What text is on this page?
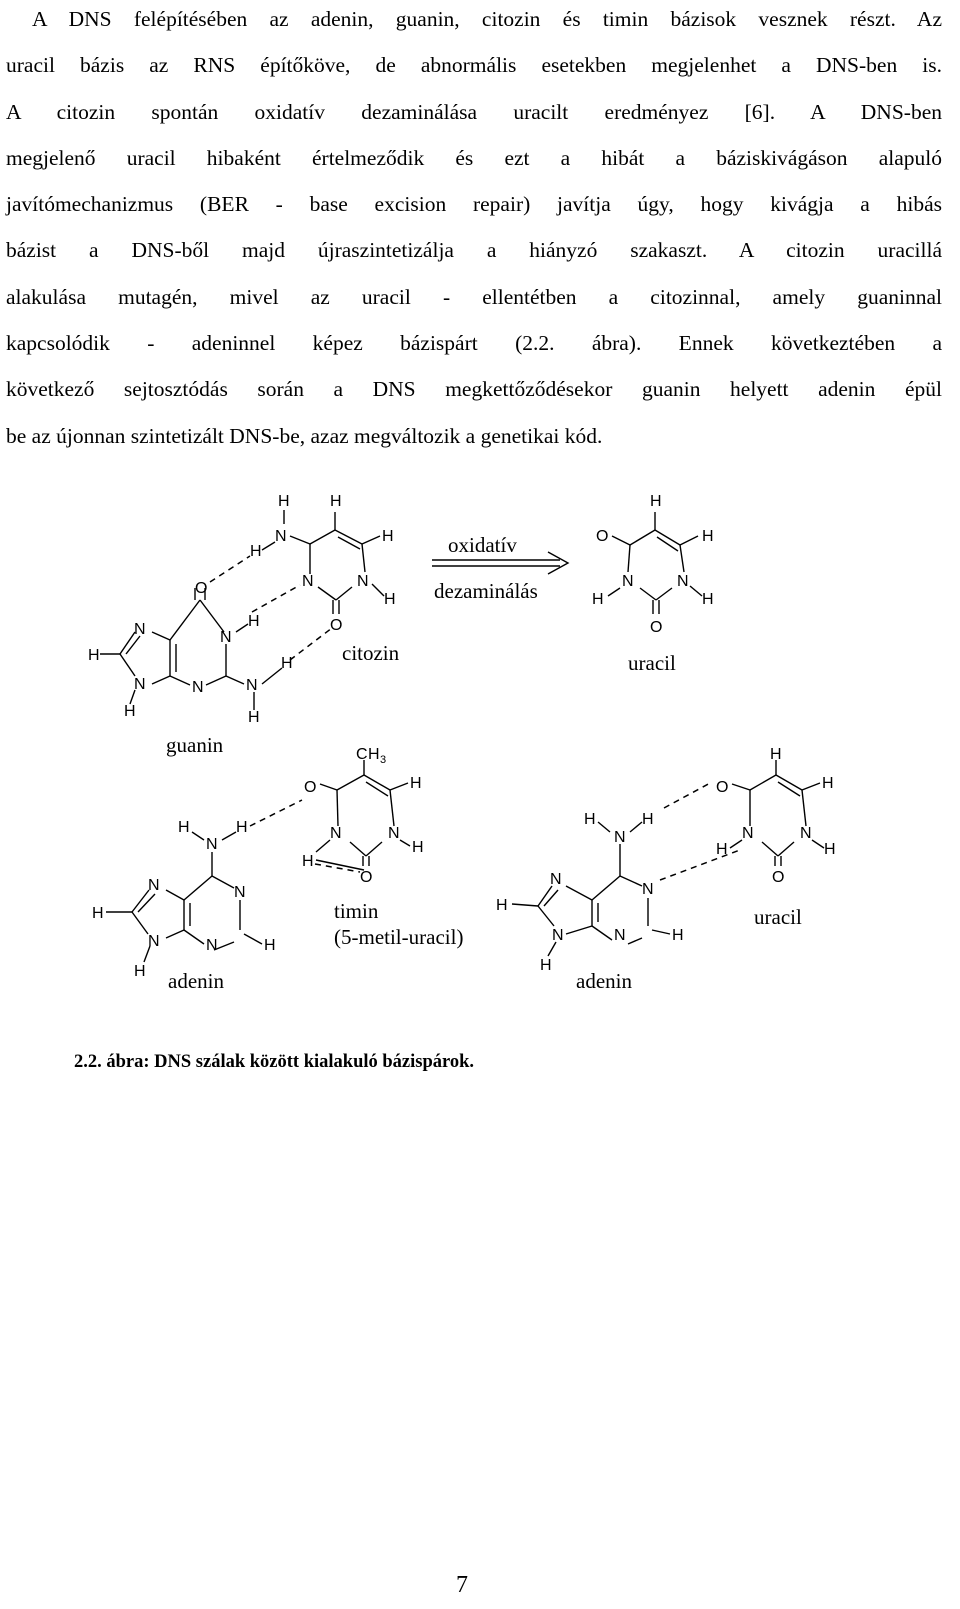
A DNS felépítésében az adenin, guanin, citozin és timin bázisok vesznek részt. Az
uracil bázis az RNS építőköve, de abnormális esetekben megjelenhet a DNS-ben is.
A citozin spontán oxidatív dezaminálása uracilt eredményez [6]. A DNS-ben
megjelenő uracil hibaként értelmeződik és ezt a hibát a báziskivágáson alapuló
javítómechanizmus (BER - base excision repair) javítja úgy, hogy kivágja a hibás
bázist a DNS-ből majd újraszintetizálja a hiányzó szakaszt. A citozin uracillá
alakulása mutagén, mivel az uracil - ellentétben a citozinnal, amely guaninnal
kapcsolódik - adeninnel képez bázispárt (2.2. ábra). Ennek következtében a
következő sejtosztódás során a DNS megkettőződésekor guanin helyett adenin épül
be az újonnan szintetizált DNS-be, azaz megváltozik a genetikai kód.
O
N
H
N
H
N
H
N	N
H
H
H	H
N
H
H
N	N
H
O
H
O	H
N	N
H	H
O
H	H
N
N	N
H
N	N	H
H
C H 3
O	H
N	N
H
H
O
H	H
N
N
N
H
N	N	H
H
H
O	H
N	N
H	H
O
oxidatív
dezaminálás
citozin	uracil
guanin
timin
(5-metil-uracil)
adenin	adenin
uracil

2.2. ábra: DNS szálak között kialakuló bázispárok.

7
